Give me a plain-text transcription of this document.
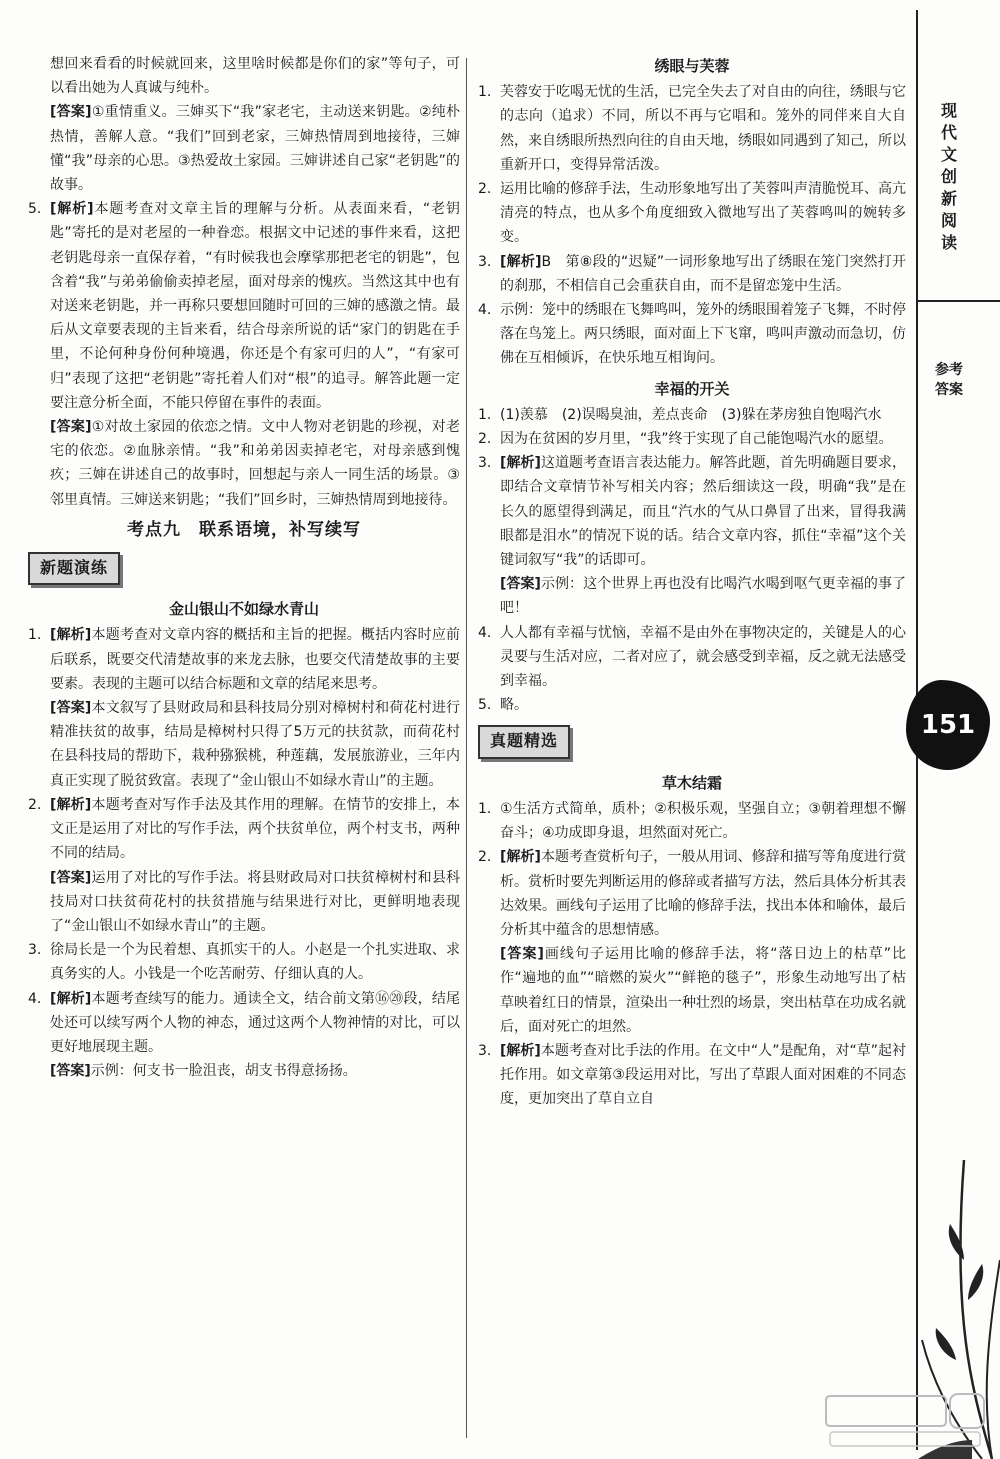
想回来看看的时候就回来，这里啥时候都是你们的家”等句子，可以看出她为人真诚与纯朴。

[答案]①重情重义。三婶买下“我”家老宅，主动送来钥匙。②纯朴热情，善解人意。“我们”回到老家，三婶热情周到地接待，三婶懂“我”母亲的心思。③热爱故土家园。三婶讲述自己家“老钥匙”的故事。

5. [解析]本题考查对文章主旨的理解与分析。从表面来看，“老钥匙”寄托的是对老屋的一种眷恋。根据文中记述的事件来看，这把老钥匙母亲一直保存着，“有时候我也会摩挲那把老宅的钥匙”，包含着“我”与弟弟偷偷卖掉老屋，面对母亲的愧疚。当然这其中也有对送来老钥匙，并一再称只要想回随时可回的三婶的感激之情。最后从文章要表现的主旨来看，结合母亲所说的话“家门的钥匙在手里，不论何种身份何种境遇，你还是个有家可归的人”，“有家可归”表现了这把“老钥匙”寄托着人们对“根”的追寻。解答此题一定要注意分析全面，不能只停留在事件的表面。

[答案]①对故土家园的依恋之情。文中人物对老钥匙的珍视，对老宅的依恋。②血脉亲情。“我”和弟弟因卖掉老宅，对母亲感到愧疚；三婶在讲述自己的故事时，回想起与亲人一同生活的场景。③邻里真情。三婶送来钥匙；“我们”回乡时，三婶热情周到地接待。

考点九　联系语境，补写续写
新题演练
金山银山不如绿水青山
1. [解析]本题考查对文章内容的概括和主旨的把握。概括内容时应前后联系，既要交代清楚故事的来龙去脉，也要交代清楚故事的主要要素。表现的主题可以结合标题和文章的结尾来思考。

[答案]本文叙写了县财政局和县科技局分别对樟树村和荷花村进行精准扶贫的故事，结局是樟树村只得了5万元的扶贫款，而荷花村在县科技局的帮助下，栽种猕猴桃，种莲藕，发展旅游业，三年内真正实现了脱贫致富。表现了“金山银山不如绿水青山”的主题。

2. [解析]本题考查对写作手法及其作用的理解。在情节的安排上，本文正是运用了对比的写作手法，两个扶贫单位，两个村支书，两种不同的结局。

[答案]运用了对比的写作手法。将县财政局对口扶贫樟树村和县科技局对口扶贫荷花村的扶贫措施与结果进行对比，更鲜明地表现了“金山银山不如绿水青山”的主题。

3. 徐局长是一个为民着想、真抓实干的人。小赵是一个扎实进取、求真务实的人。小钱是一个吃苦耐劳、仔细认真的人。
4. [解析]本题考查续写的能力。通读全文，结合前文第⑯⑳段，结尾处还可以续写两个人物的神态，通过这两个人物神情的对比，可以更好地展现主题。

[答案]示例：何支书一脸沮丧，胡支书得意扬扬。

绣眼与芙蓉
1. 芙蓉安于吃喝无忧的生活，已完全失去了对自由的向往，绣眼与它的志向（追求）不同，所以不再与它唱和。笼外的同伴来自大自然，来自绣眼所热烈向往的自由天地，绣眼如同遇到了知己，所以重新开口，变得异常活泼。
2. 运用比喻的修辞手法，生动形象地写出了芙蓉叫声清脆悦耳、高亢清亮的特点，也从多个角度细致入微地写出了芙蓉鸣叫的婉转多变。
3. [解析]B　第⑧段的“迟疑”一词形象地写出了绣眼在笼门突然打开的刹那，不相信自己会重获自由，而不是留恋笼中生活。
4. 示例：笼中的绣眼在飞舞鸣叫，笼外的绣眼围着笼子飞舞，不时停落在鸟笼上。两只绣眼，面对面上下飞窜，鸣叫声激动而急切，仿佛在互相倾诉，在快乐地互相询问。
幸福的开关
1. (1)羡慕　(2)误喝臭油，差点丧命　(3)躲在茅房独自饱喝汽水
2. 因为在贫困的岁月里，“我”终于实现了自己能饱喝汽水的愿望。
3. [解析]这道题考查语言表达能力。解答此题，首先明确题目要求，即结合文章情节补写相关内容；然后细读这一段，明确“我”是在长久的愿望得到满足，而且“汽水的气从口鼻冒了出来，冒得我满眼都是泪水”的情况下说的话。结合文章内容，抓住“幸福”这个关键词叙写“我”的话即可。

[答案]示例：这个世界上再也没有比喝汽水喝到呕气更幸福的事了吧！

4. 人人都有幸福与忧恼，幸福不是由外在事物决定的，关键是人的心灵要与生活对应，二者对应了，就会感受到幸福，反之就无法感受到幸福。
5. 略。
真题精选
草木结霜
1. ①生活方式简单，质朴；②积极乐观，坚强自立；③朝着理想不懈奋斗；④功成即身退，坦然面对死亡。
2. [解析]本题考查赏析句子，一般从用词、修辞和描写等角度进行赏析。赏析时要先判断运用的修辞或者描写方法，然后具体分析其表达效果。画线句子运用了比喻的修辞手法，找出本体和喻体，最后分析其中蕴含的思想情感。

[答案]画线句子运用比喻的修辞手法，将“落日边上的枯草”比作“遍地的血”“暗燃的炭火”“鲜艳的毯子”，形象生动地写出了枯草映着红日的情景，渲染出一种壮烈的场景，突出枯草在功成名就后，面对死亡的坦然。

3. [解析]本题考查对比手法的作用。在文中“人”是配角，对“草”起衬托作用。如文章第③段运用对比，写出了草跟人面对困难的不同态度，更加突出了草自立自
现代文创新阅读
参考答案
151
